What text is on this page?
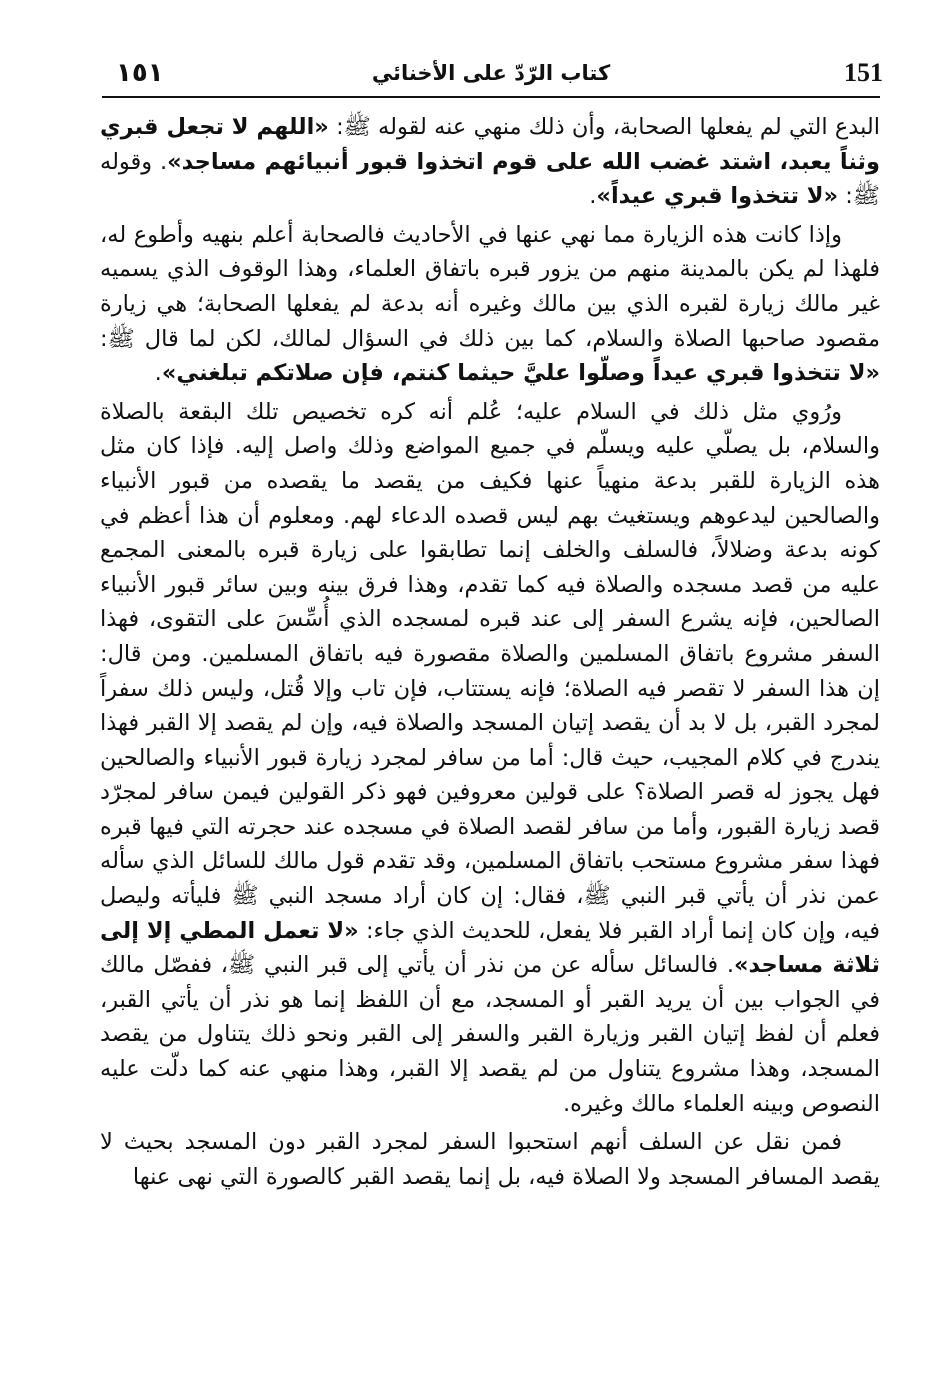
١٥١	كتاب الرّدّ على الأخنائي	151

البدع التي لم يفعلها الصحابة، وأن ذلك منهي عنه لقوله ﷺ: «اللهم لا تجعل قبري وثناً يعبد، اشتد غضب الله على قوم اتخذوا قبور أنبيائهم مساجد». وقوله ﷺ: «لا تتخذوا قبري عيداً».

وإذا كانت هذه الزيارة مما نهي عنها في الأحاديث فالصحابة أعلم بنهيه وأطوع له، فلهذا لم يكن بالمدينة منهم من يزور قبره باتفاق العلماء، وهذا الوقوف الذي يسميه غير مالك زيارة لقبره الذي بين مالك وغيره أنه بدعة لم يفعلها الصحابة؛ هي زيارة مقصود صاحبها الصلاة والسلام، كما بين ذلك في السؤال لمالك، لكن لما قال ﷺ: «لا تتخذوا قبري عيداً وصلّوا عليَّ حيثما كنتم، فإن صلاتكم تبلغني».

ورُوي مثل ذلك في السلام عليه؛ عُلم أنه كره تخصيص تلك البقعة بالصلاة والسلام، بل يصلّي عليه ويسلّم في جميع المواضع وذلك واصل إليه. فإذا كان مثل هذه الزيارة للقبر بدعة منهياً عنها فكيف من يقصد ما يقصده من قبور الأنبياء والصالحين ليدعوهم ويستغيث بهم ليس قصده الدعاء لهم. ومعلوم أن هذا أعظم في كونه بدعة وضلالاً، فالسلف والخلف إنما تطابقوا على زيارة قبره بالمعنى المجمع عليه من قصد مسجده والصلاة فيه كما تقدم، وهذا فرق بينه وبين سائر قبور الأنبياء الصالحين، فإنه يشرع السفر إلى عند قبره لمسجده الذي أُسِّسَ على التقوى، فهذا السفر مشروع باتفاق المسلمين والصلاة مقصورة فيه باتفاق المسلمين. ومن قال: إن هذا السفر لا تقصر فيه الصلاة؛ فإنه يستتاب، فإن تاب وإلا قُتل، وليس ذلك سفراً لمجرد القبر، بل لا بد أن يقصد إتيان المسجد والصلاة فيه، وإن لم يقصد إلا القبر فهذا يندرج في كلام المجيب، حيث قال: أما من سافر لمجرد زيارة قبور الأنبياء والصالحين فهل يجوز له قصر الصلاة؟ على قولين معروفين فهو ذكر القولين فيمن سافر لمجرّد قصد زيارة القبور، وأما من سافر لقصد الصلاة في مسجده عند حجرته التي فيها قبره فهذا سفر مشروع مستحب باتفاق المسلمين، وقد تقدم قول مالك للسائل الذي سأله عمن نذر أن يأتي قبر النبي ﷺ، فقال: إن كان أراد مسجد النبي ﷺ فليأته وليصل فيه، وإن كان إنما أراد القبر فلا يفعل، للحديث الذي جاء: «لا تعمل المطي إلا إلى ثلاثة مساجد». فالسائل سأله عن من نذر أن يأتي إلى قبر النبي ﷺ، ففصّل مالك في الجواب بين أن يريد القبر أو المسجد، مع أن اللفظ إنما هو نذر أن يأتي القبر، فعلم أن لفظ إتيان القبر وزيارة القبر والسفر إلى القبر ونحو ذلك يتناول من يقصد المسجد، وهذا مشروع يتناول من لم يقصد إلا القبر، وهذا منهي عنه كما دلّت عليه النصوص وبينه العلماء مالك وغيره.

فمن نقل عن السلف أنهم استحبوا السفر لمجرد القبر دون المسجد بحيث لا يقصد المسافر المسجد ولا الصلاة فيه، بل إنما يقصد القبر كالصورة التي نهى عنها
